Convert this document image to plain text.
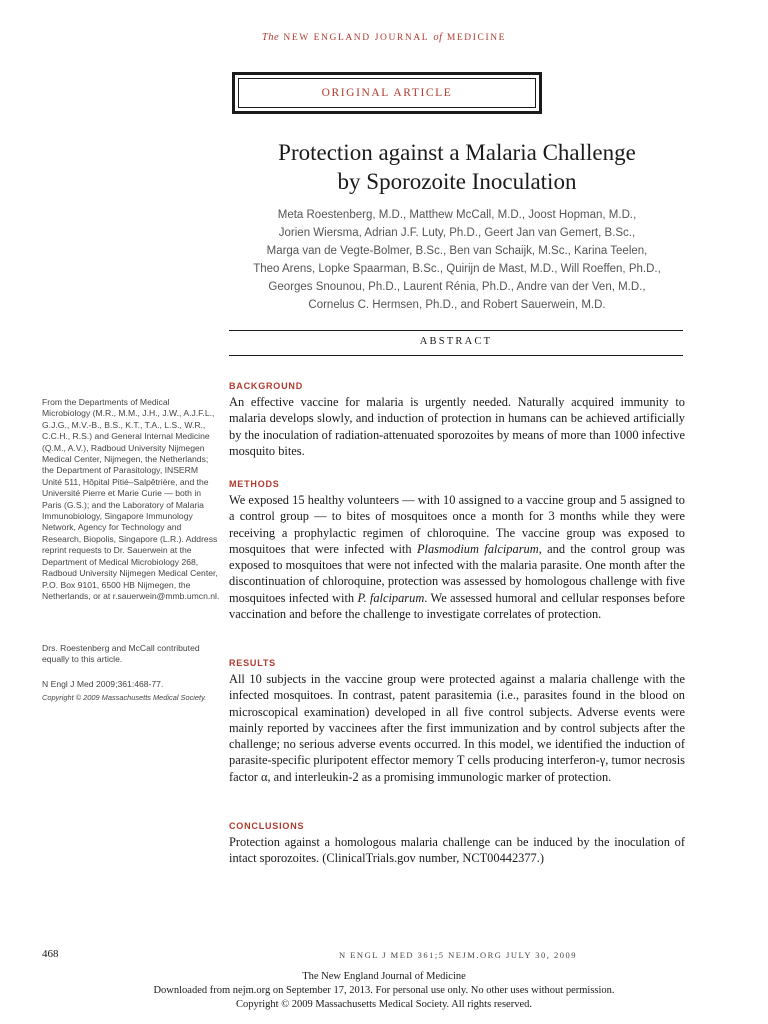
The NEW ENGLAND JOURNAL of MEDICINE
ORIGINAL ARTICLE
Protection against a Malaria Challenge
by Sporozoite Inoculation
Meta Roestenberg, M.D., Matthew McCall, M.D., Joost Hopman, M.D.,
Jorien Wiersma, Adrian J.F. Luty, Ph.D., Geert Jan van Gemert, B.Sc.,
Marga van de Vegte-Bolmer, B.Sc., Ben van Schaijk, M.Sc., Karina Teelen,
Theo Arens, Lopke Spaarman, B.Sc., Quirijn de Mast, M.D., Will Roeffen, Ph.D.,
Georges Snounou, Ph.D., Laurent Rénia, Ph.D., Andre van der Ven, M.D.,
Cornelus C. Hermsen, Ph.D., and Robert Sauerwein, M.D.
ABSTRACT
BACKGROUND
An effective vaccine for malaria is urgently needed. Naturally acquired immunity to malaria develops slowly, and induction of protection in humans can be achieved artificially by the inoculation of radiation-attenuated sporozoites by means of more than 1000 infective mosquito bites.
METHODS
We exposed 15 healthy volunteers — with 10 assigned to a vaccine group and 5 assigned to a control group — to bites of mosquitoes once a month for 3 months while they were receiving a prophylactic regimen of chloroquine. The vaccine group was exposed to mosquitoes that were infected with Plasmodium falciparum, and the control group was exposed to mosquitoes that were not infected with the malaria parasite. One month after the discontinuation of chloroquine, protection was assessed by homologous challenge with five mosquitoes infected with P. falciparum. We assessed humoral and cellular responses before vaccination and before the challenge to investigate correlates of protection.
RESULTS
All 10 subjects in the vaccine group were protected against a malaria challenge with the infected mosquitoes. In contrast, patent parasitemia (i.e., parasites found in the blood on microscopical examination) developed in all five control subjects. Adverse events were mainly reported by vaccinees after the first immunization and by control subjects after the challenge; no serious adverse events occurred. In this model, we identified the induction of parasite-specific pluripotent effector memory T cells producing interferon-γ, tumor necrosis factor α, and interleukin-2 as a promising immunologic marker of protection.
CONCLUSIONS
Protection against a homologous malaria challenge can be induced by the inoculation of intact sporozoites. (ClinicalTrials.gov number, NCT00442377.)
From the Departments of Medical Microbiology (M.R., M.M., J.H., J.W., A.J.F.L., G.J.G., M.V.-B., B.S., K.T., T.A., L.S., W.R., C.C.H., R.S.) and General Internal Medicine (Q.M., A.V.), Radboud University Nijmegen Medical Center, Nijmegen, the Netherlands; the Department of Parasitology, INSERM Unité 511, Hôpital Pitié–Salpêtrière, and the Université Pierre et Marie Curie — both in Paris (G.S.); and the Laboratory of Malaria Immunobiology, Singapore Immunology Network, Agency for Technology and Research, Biopolis, Singapore (L.R.). Address reprint requests to Dr. Sauerwein at the Department of Medical Microbiology 268, Radboud University Nijmegen Medical Center, P.O. Box 9101, 6500 HB Nijmegen, the Netherlands, or at r.sauerwein@mmb.umcn.nl.
Drs. Roestenberg and McCall contributed equally to this article.
N Engl J Med 2009;361:468-77.
Copyright © 2009 Massachusetts Medical Society.
468	N ENGL J MED 361;5 NEJM.ORG JULY 30, 2009
The New England Journal of Medicine
Downloaded from nejm.org on September 17, 2013. For personal use only. No other uses without permission.
Copyright © 2009 Massachusetts Medical Society. All rights reserved.
